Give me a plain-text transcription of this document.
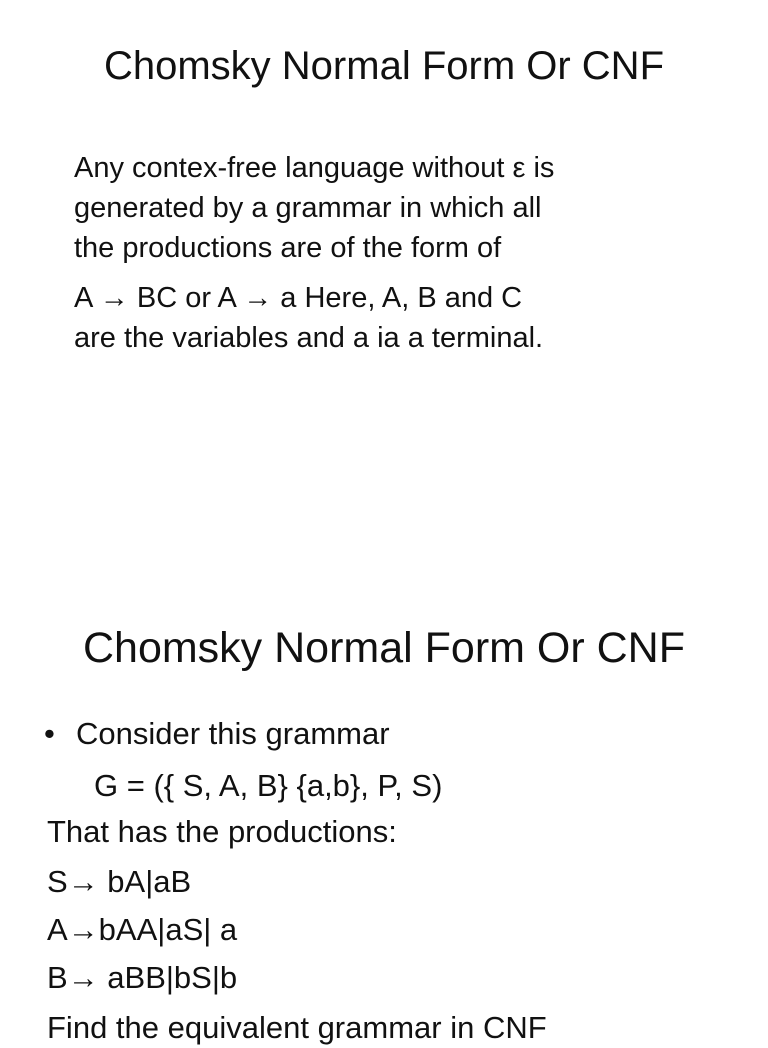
Chomsky Normal Form Or CNF

Any contex-free language without ε is
generated by a grammar in which all
the productions are of the form of

A → BC or A → a Here, A, B and C
are the variables and a ia a terminal.

Chomsky Normal Form Or CNF
• Consider this grammar
G = ({ S, A, B} {a,b}, P, S)
That has the productions:
S→ bA|aB
A→bAA|aS| a
B→ aBB|bS|b
Find the equivalent grammar in CNF
